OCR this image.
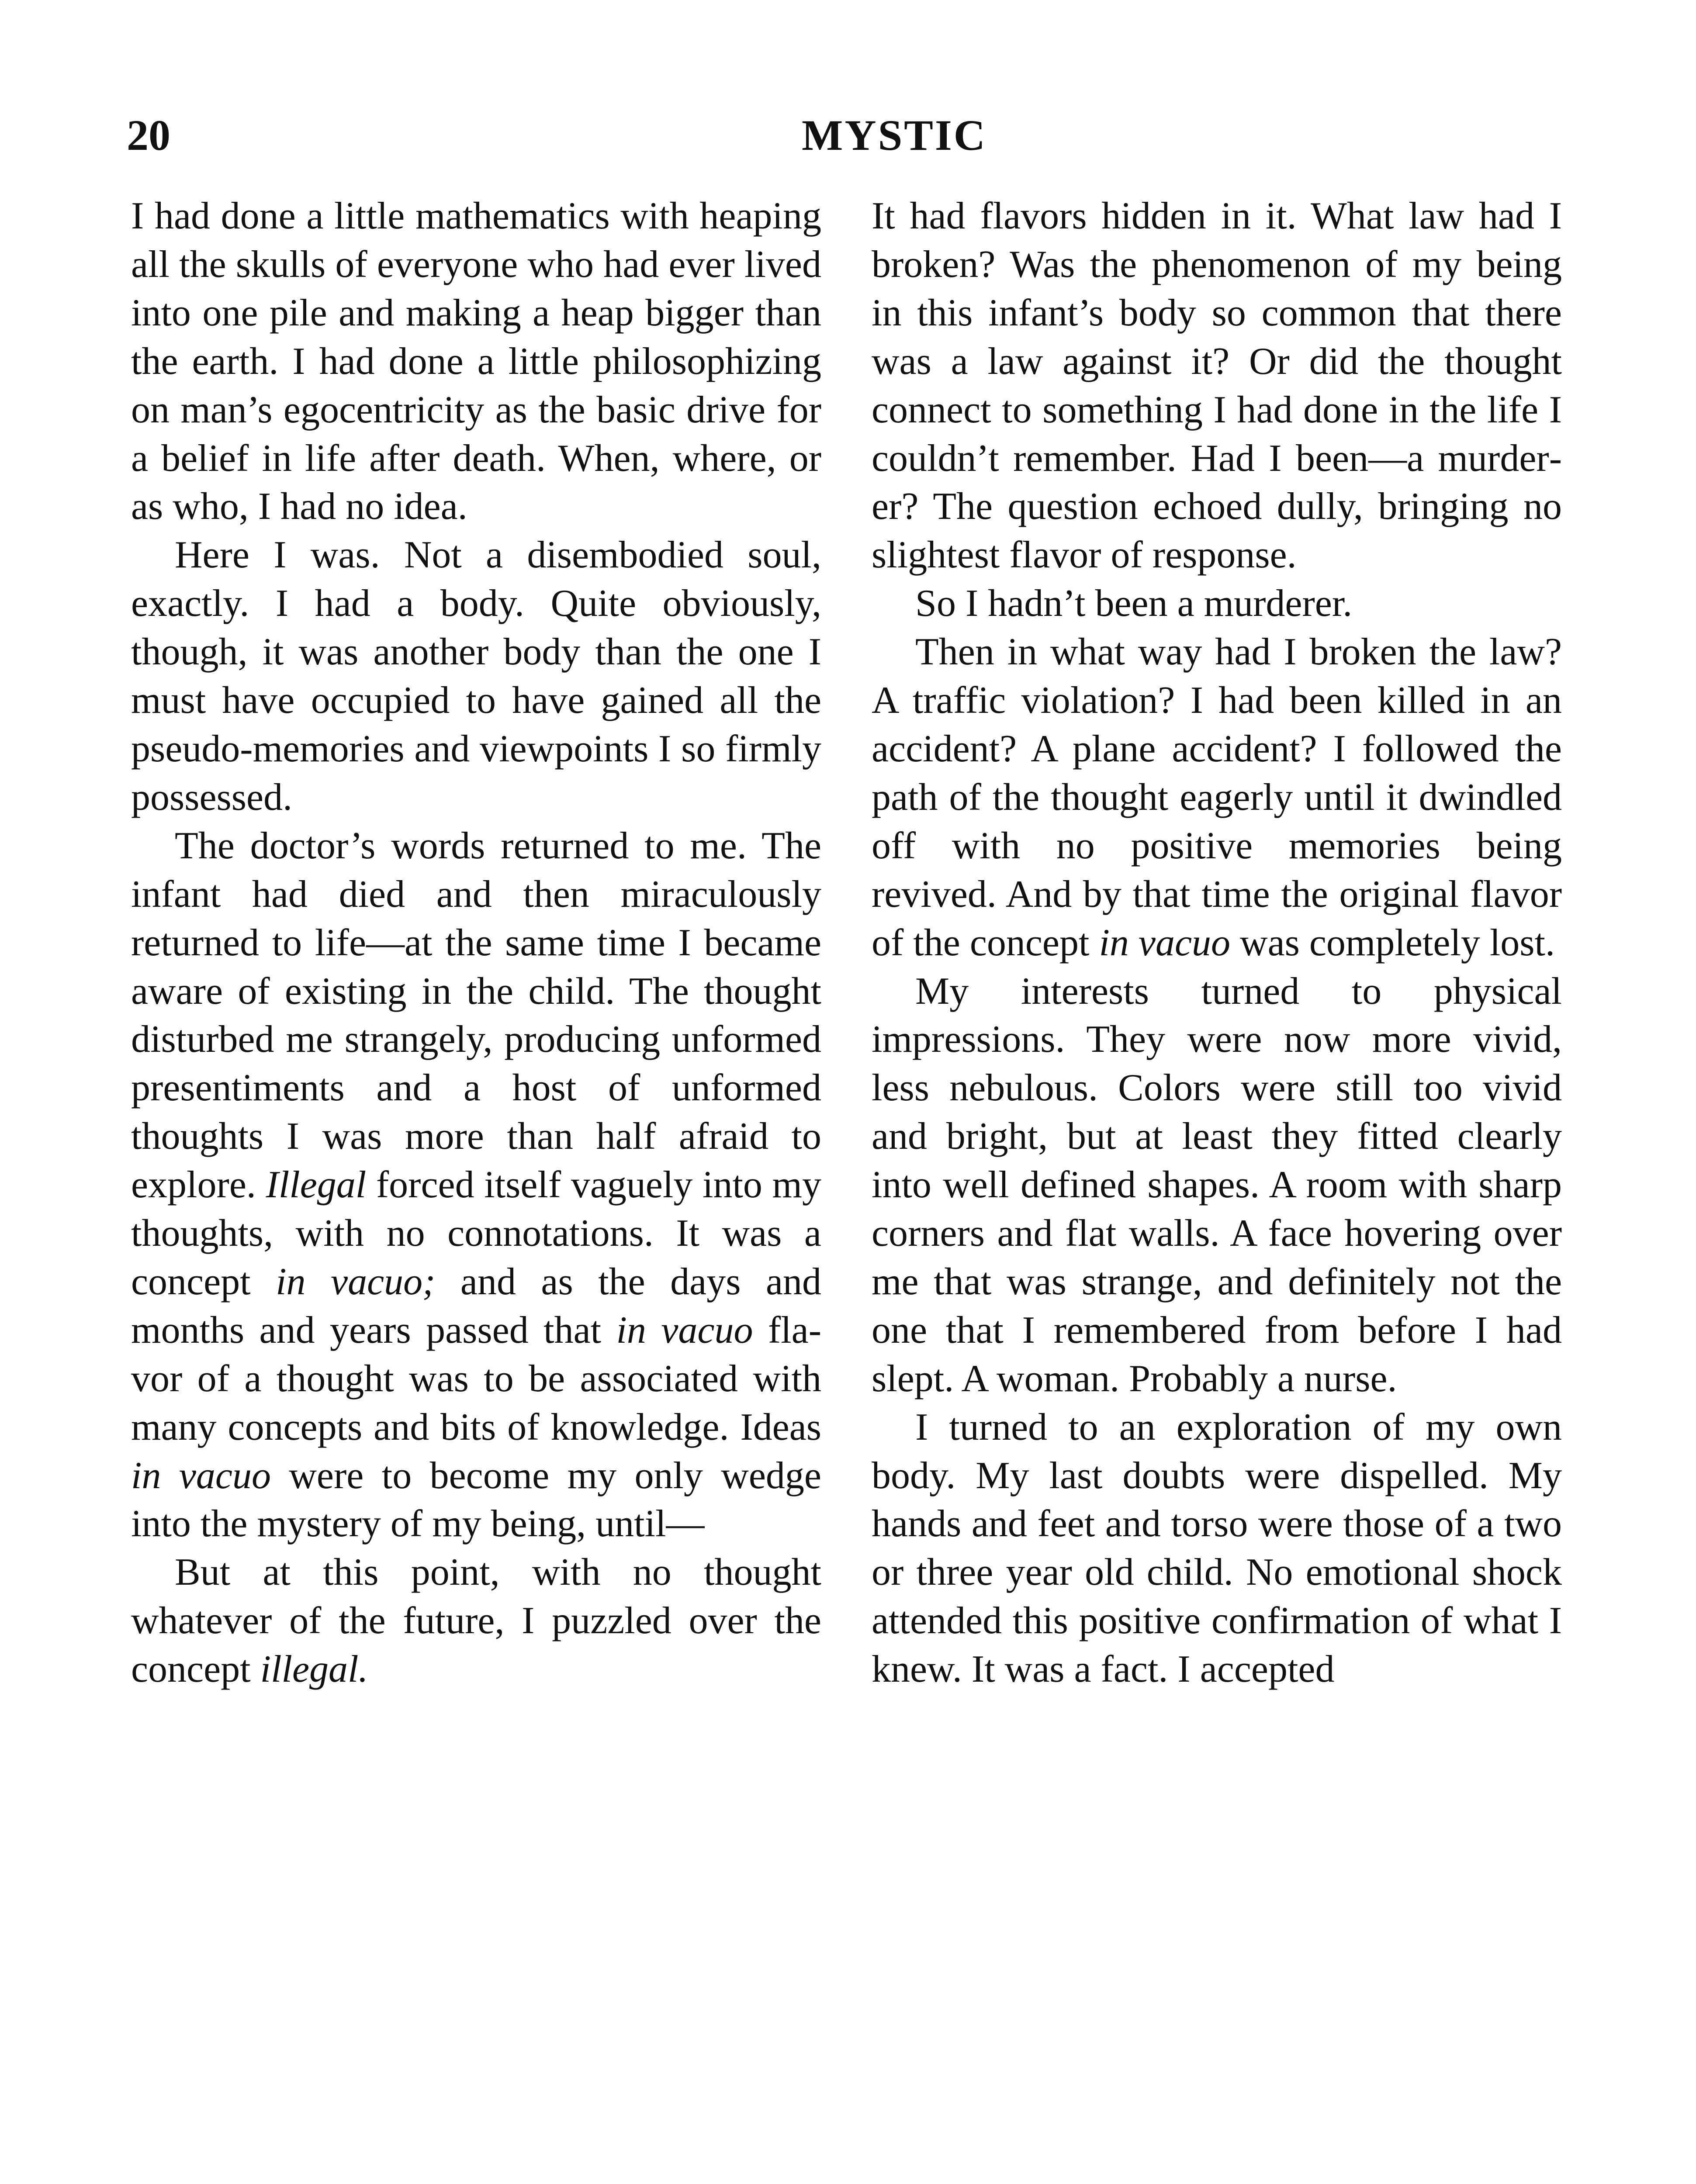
20	MYSTIC

I had done a little mathematics with heaping all the skulls of everyone who had ever lived into one pile and making a heap bigger than the earth. I had done a little philosophizing on man’s egocentricity as the basic drive for a belief in life after death. When, where, or as who, I had no idea.

Here I was. Not a disembodied soul, exactly. I had a body. Quite obviously, though, it was another body than the one I must have occupied to have gained all the pseudo-memories and viewpoints I so firmly possessed.

The doctor’s words returned to me. The infant had died and then miraculously returned to life—at the same time I became aware of existing in the child. The thought disturbed me strangely, producing unformed presentiments and a host of unformed thoughts I was more than half afraid to explore. Illegal forced itself vaguely into my thoughts, with no connotations. It was a concept in vacuo; and as the days and months and years passed that in vacuo flavor of a thought was to be associated with many concepts and bits of knowledge. Ideas in vacuo were to become my only wedge into the mystery of my being, until—

But at this point, with no thought whatever of the future, I puzzled over the concept illegal.

It had flavors hidden in it. What law had I broken? Was the phenomenon of my being in this infant’s body so common that there was a law against it? Or did the thought connect to something I had done in the life I couldn’t remember. Had I been—a murderer? The question echoed dully, bringing no slightest flavor of response.

So I hadn’t been a murderer.

Then in what way had I broken the law? A traffic violation? I had been killed in an accident? A plane accident? I followed the path of the thought eagerly until it dwindled off with no positive memories being revived. And by that time the original flavor of the concept in vacuo was completely lost.

My interests turned to physical impressions. They were now more vivid, less nebulous. Colors were still too vivid and bright, but at least they fitted clearly into well defined shapes. A room with sharp corners and flat walls. A face hovering over me that was strange, and definitely not the one that I remembered from before I had slept. A woman. Probably a nurse.

I turned to an exploration of my own body. My last doubts were dispelled. My hands and feet and torso were those of a two or three year old child. No emotional shock attended this positive confirmation of what I knew. It was a fact. I accepted
